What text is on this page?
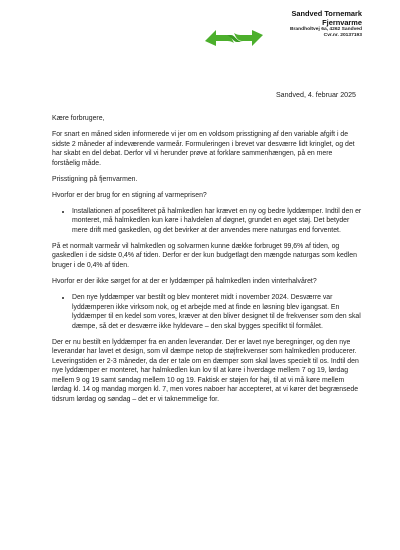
Sandved Tornemark
Fjernvarme
Brandholtvej 6a, 4262 Sandved
Cvr.nr. 20137193
Sandved, 4. februar 2025

Kære forbrugere,

For snart en måned siden informerede vi jer om en voldsom prisstigning af den variable afgift i de sidste 2 måneder af indeværende varmeår. Formuleringen i brevet var desværre lidt kringlet, og det har skabt en del debat. Derfor vil vi herunder prøve at forklare sammenhængen, på en mere forståelig måde.

Prisstigning på fjernvarmen.

Hvorfor er der brug for en stigning af varmeprisen?

• Installationen af posefilteret på halmkedlen har krævet en ny og bedre lyddæmper. Indtil den er monteret, må halmkedlen kun køre i halvdelen af døgnet, grundet en øget støj. Det betyder mere drift med gaskedlen, og det bevirker at der anvendes mere naturgas end forventet.

På et normalt varmeår vil halmkedlen og solvarmen kunne dække forbruget 99,6% af tiden, og gaskedlen i de sidste 0,4% af tiden. Derfor er der kun budgetlagt den mængde naturgas som kedlen bruger i de 0,4% af tiden.

Hvorfor er der ikke sørget for at der er lyddæmper på halmkedlen inden vinterhalvåret?

• Den nye lyddæmper var bestilt og blev monteret midt i november 2024. Desværre var lyddæmperen ikke virksom nok, og et arbejde med at finde en løsning blev igangsat. En lyddæmper til en kedel som vores, kræver at den bliver designet til de frekvenser som den skal dæmpe, så det er desværre ikke hyldevare – den skal bygges specifikt til formålet.

Der er nu bestilt en lyddæmper fra en anden leverandør. Der er lavet nye beregninger, og den nye leverandør har lavet et design, som vil dæmpe netop de støjfrekvenser som halmkedlen producerer. Leveringstiden er 2-3 måneder, da der er tale om en dæmper som skal laves specielt til os. Indtil den nye lyddæmper er monteret, har halmkedlen kun lov til at køre i hverdage mellem 7 og 19, lørdag mellem 9 og 19 samt søndag mellem 10 og 19. Faktisk er støjen for høj, til at vi må køre mellem lørdag kl. 14 og mandag morgen kl. 7, men vores naboer har accepteret, at vi kører det begrænsede tidsrum lørdag og søndag – det er vi taknemmelige for.
